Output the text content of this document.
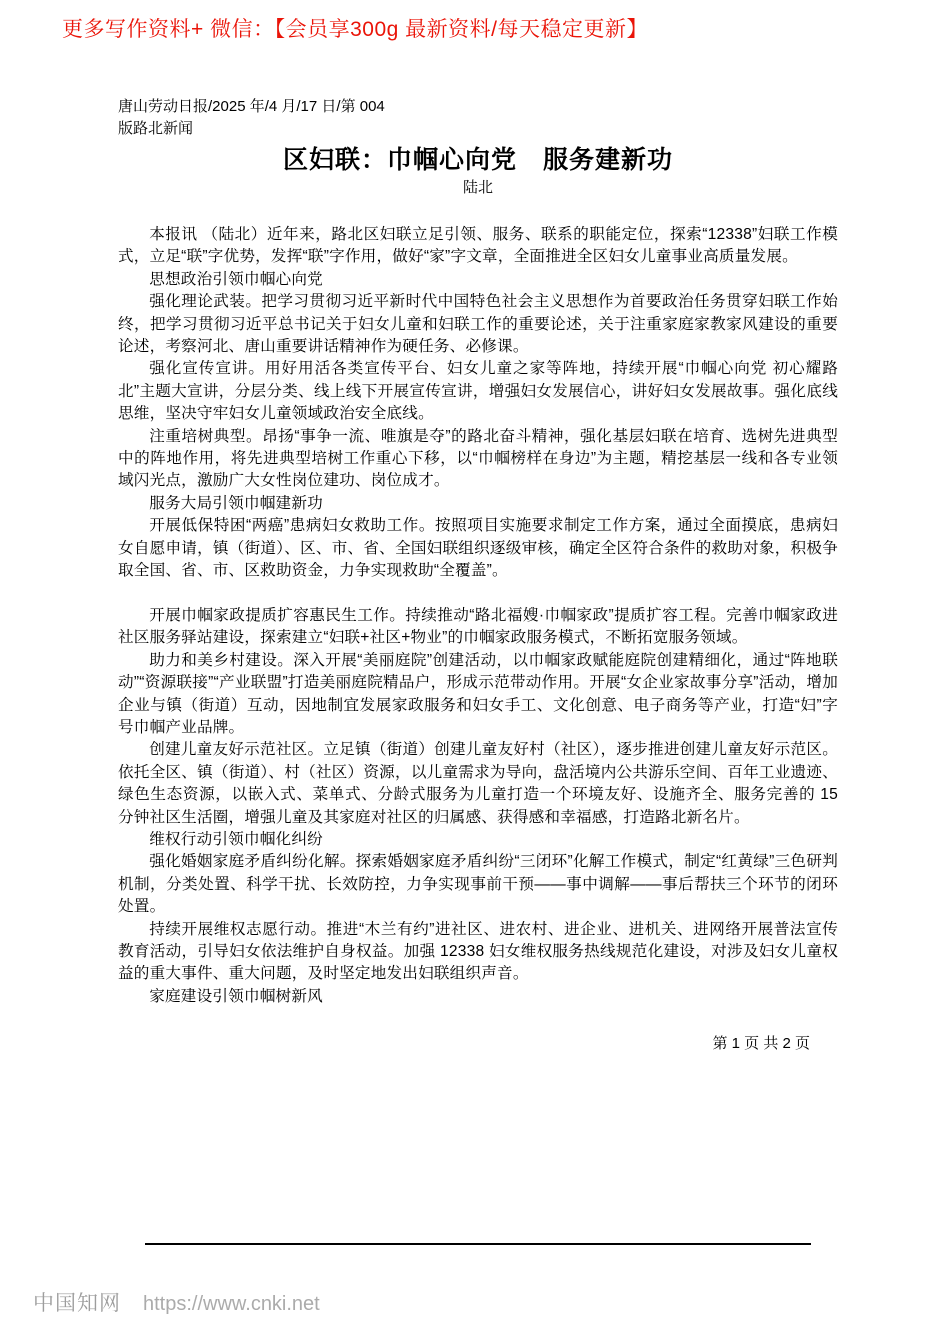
更多写作资料+ 微信：【会员享300g 最新资料/每天稳定更新】
唐山劳动日报/2025 年/4 月/17 日/第 004
版路北新闻
区妇联：巾帼心向党　服务建新功
陆北

本报讯 （陆北）近年来，路北区妇联立足引领、服务、联系的职能定位，探索“12338”妇联工作模式，立足“联”字优势，发挥“联”字作用，做好“家”字文章，全面推进全区妇女儿童事业高质量发展。

思想政治引领巾帼心向党

强化理论武装。把学习贯彻习近平新时代中国特色社会主义思想作为首要政治任务贯穿妇联工作始终，把学习贯彻习近平总书记关于妇女儿童和妇联工作的重要论述，关于注重家庭家教家风建设的重要论述，考察河北、唐山重要讲话精神作为硬任务、必修课。

强化宣传宣讲。用好用活各类宣传平台、妇女儿童之家等阵地，持续开展“巾帼心向党 初心耀路北”主题大宣讲，分层分类、线上线下开展宣传宣讲，增强妇女发展信心，讲好妇女发展故事。强化底线思维，坚决守牢妇女儿童领域政治安全底线。

注重培树典型。昂扬“事争一流、唯旗是夺”的路北奋斗精神，强化基层妇联在培育、选树先进典型中的阵地作用，将先进典型培树工作重心下移，以“巾帼榜样在身边”为主题，精挖基层一线和各专业领域闪光点，激励广大女性岗位建功、岗位成才。

服务大局引领巾帼建新功

开展低保特困“两癌”患病妇女救助工作。按照项目实施要求制定工作方案，通过全面摸底，患病妇女自愿申请，镇（街道）、区、市、省、全国妇联组织逐级审核，确定全区符合条件的救助对象，积极争取全国、省、市、区救助资金，力争实现救助“全覆盖”。

开展巾帼家政提质扩容惠民生工作。持续推动“路北福嫂·巾帼家政”提质扩容工程。完善巾帼家政进社区服务驿站建设，探索建立“妇联+社区+物业”的巾帼家政服务模式，不断拓宽服务领域。

助力和美乡村建设。深入开展“美丽庭院”创建活动，以巾帼家政赋能庭院创建精细化，通过“阵地联动”“资源联接”“产业联盟”打造美丽庭院精品户，形成示范带动作用。开展“女企业家故事分享”活动，增加企业与镇（街道）互动，因地制宜发展家政服务和妇女手工、文化创意、电子商务等产业，打造“妇”字号巾帼产业品牌。

创建儿童友好示范社区。立足镇（街道）创建儿童友好村（社区），逐步推进创建儿童友好示范区。依托全区、镇（街道）、村（社区）资源，以儿童需求为导向，盘活境内公共游乐空间、百年工业遗迹、绿色生态资源，以嵌入式、菜单式、分龄式服务为儿童打造一个环境友好、设施齐全、服务完善的 15 分钟社区生活圈，增强儿童及其家庭对社区的归属感、获得感和幸福感，打造路北新名片。

维权行动引领巾帼化纠纷

强化婚姻家庭矛盾纠纷化解。探索婚姻家庭矛盾纠纷“三闭环”化解工作模式，制定“红黄绿”三色研判机制，分类处置、科学干扰、长效防控，力争实现事前干预——事中调解——事后帮扶三个环节的闭环处置。

持续开展维权志愿行动。推进“木兰有约”进社区、进农村、进企业、进机关、进网络开展普法宣传教育活动，引导妇女依法维护自身权益。加强 12338 妇女维权服务热线规范化建设，对涉及妇女儿童权益的重大事件、重大问题，及时坚定地发出妇联组织声音。

家庭建设引领巾帼树新风

第 1 页 共 2 页
中国知网 https://www.cnki.net
